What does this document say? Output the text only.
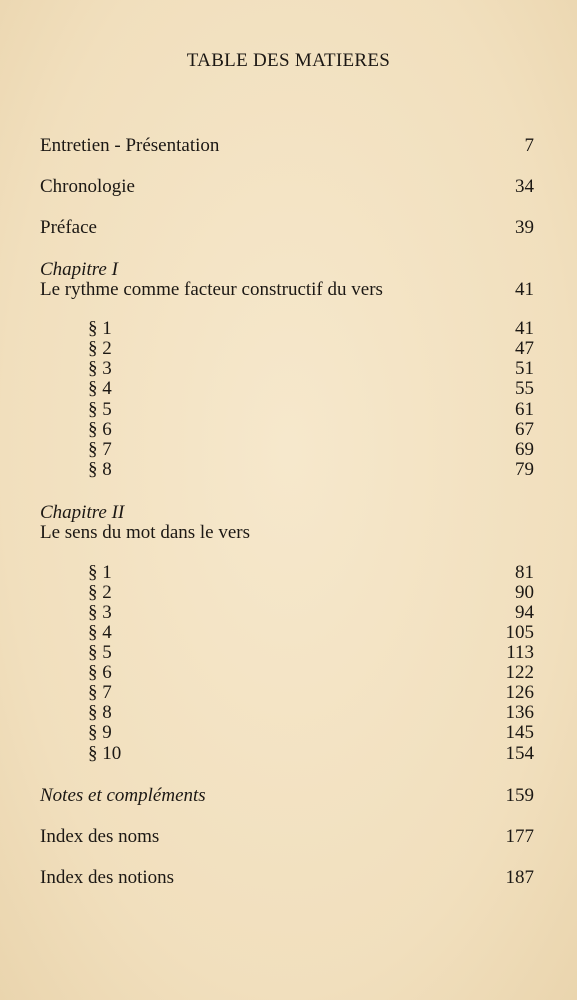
TABLE DES MATIERES
Entretien - Présentation	7
Chronologie	34
Préface	39
Chapitre I
Le rythme comme facteur constructif du vers	41
§ 1	41
§ 2	47
§ 3	51
§ 4	55
§ 5	61
§ 6	67
§ 7	69
§ 8	79
Chapitre II
Le sens du mot dans le vers
§ 1	81
§ 2	90
§ 3	94
§ 4	105
§ 5	113
§ 6	122
§ 7	126
§ 8	136
§ 9	145
§ 10	154
Notes et compléments	159
Index des noms	177
Index des notions	187
